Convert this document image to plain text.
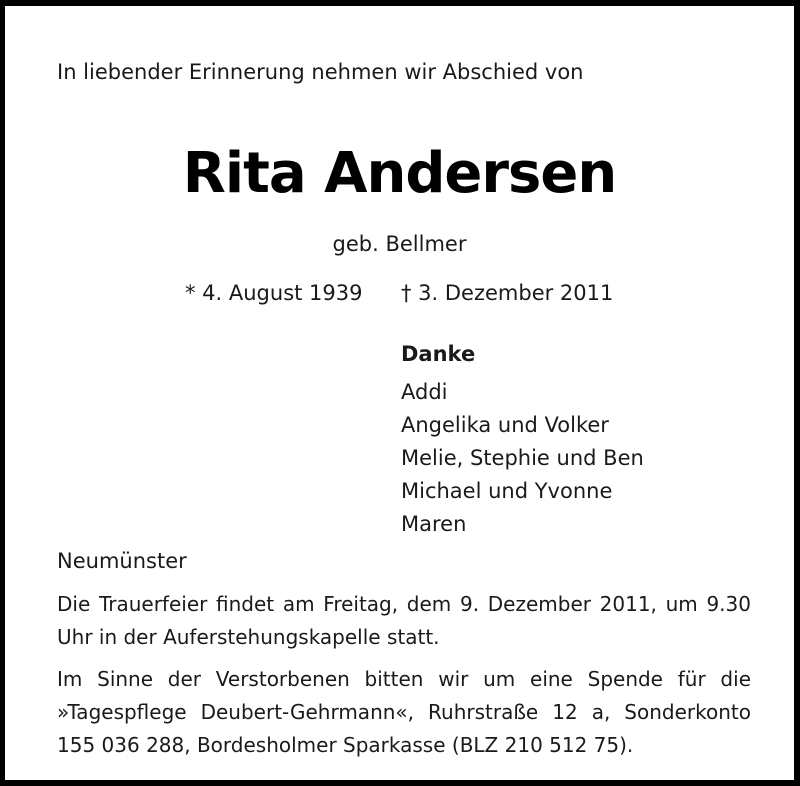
In liebender Erinnerung nehmen wir Abschied von
Rita Andersen
geb. Bellmer
* 4. August 1939 † 3. Dezember 2011
Danke
Addi
Angelika und Volker
Melie, Stephie und Ben
Michael und Yvonne
Maren
Neumünster

Die Trauerfeier findet am Freitag, dem 9. Dezember 2011, um 9.30 Uhr in der Auferstehungskapelle statt.

Im Sinne der Verstorbenen bitten wir um eine Spende für die »Tagespflege Deubert-Gehrmann«, Ruhrstraße 12 a, Sonderkonto 155 036 288, Bordesholmer Sparkasse (BLZ 210 512 75).
